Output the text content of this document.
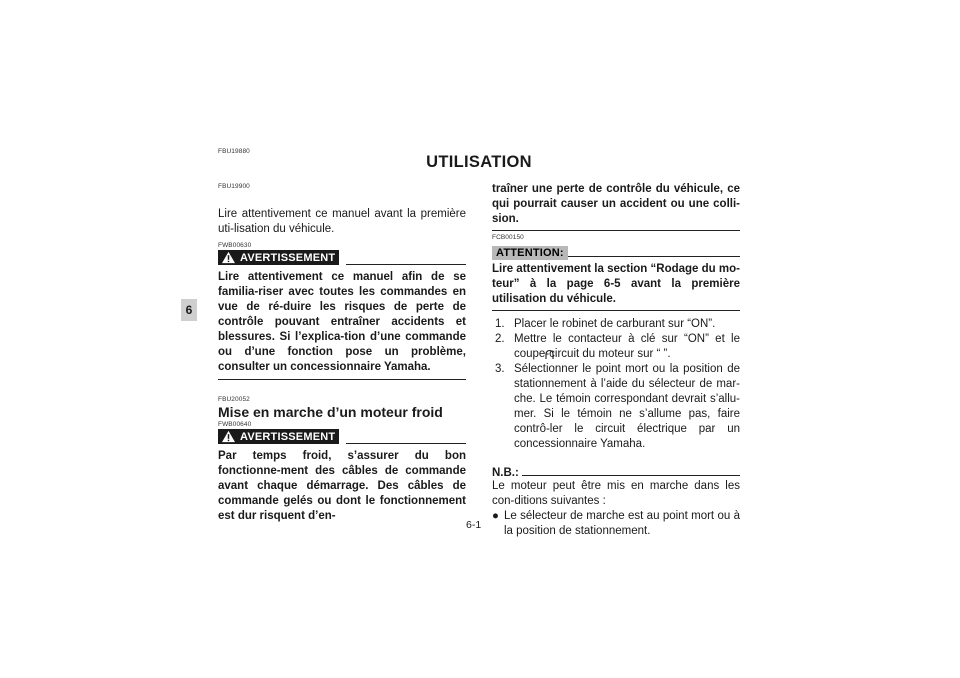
6
FBU19880
UTILISATION
FBU19900
Lire attentivement ce manuel avant la première uti-lisation du véhicule.
FWB00630
AVERTISSEMENT
Lire attentivement ce manuel afin de se familia-riser avec toutes les commandes en vue de ré-duire les risques de perte de contrôle pouvant entraîner accidents et blessures. Si l’explica-tion d’une commande ou d’une fonction pose un problème, consulter un concessionnaire Yamaha.
FBU20052
Mise en marche d’un moteur froid
FWB00640
AVERTISSEMENT
Par temps froid, s’assurer du bon fonctionne-ment des câbles de commande avant chaque démarrage. Des câbles de commande gelés ou dont le fonctionnement est dur risquent d’en-
traîner une perte de contrôle du véhicule, ce qui pourrait causer un accident ou une colli-sion.
FCB00150
ATTENTION:
Lire attentivement la section “Rodage du mo-teur” à la page 6-5 avant la première utilisation du véhicule.
1. Placer le robinet de carburant sur “ON”.
2. Mettre le contacteur à clé sur “ON” et le coupe-circuit du moteur sur “ ”.
3. Sélectionner le point mort ou la position de stationnement à l’aide du sélecteur de mar-che. Le témoin correspondant devrait s’allu-mer. Si le témoin ne s’allume pas, faire contrô-ler le circuit électrique par un concessionnaire Yamaha.
N.B.:
Le moteur peut être mis en marche dans les con-ditions suivantes :
● Le sélecteur de marche est au point mort ou à la position de stationnement.
6-1
